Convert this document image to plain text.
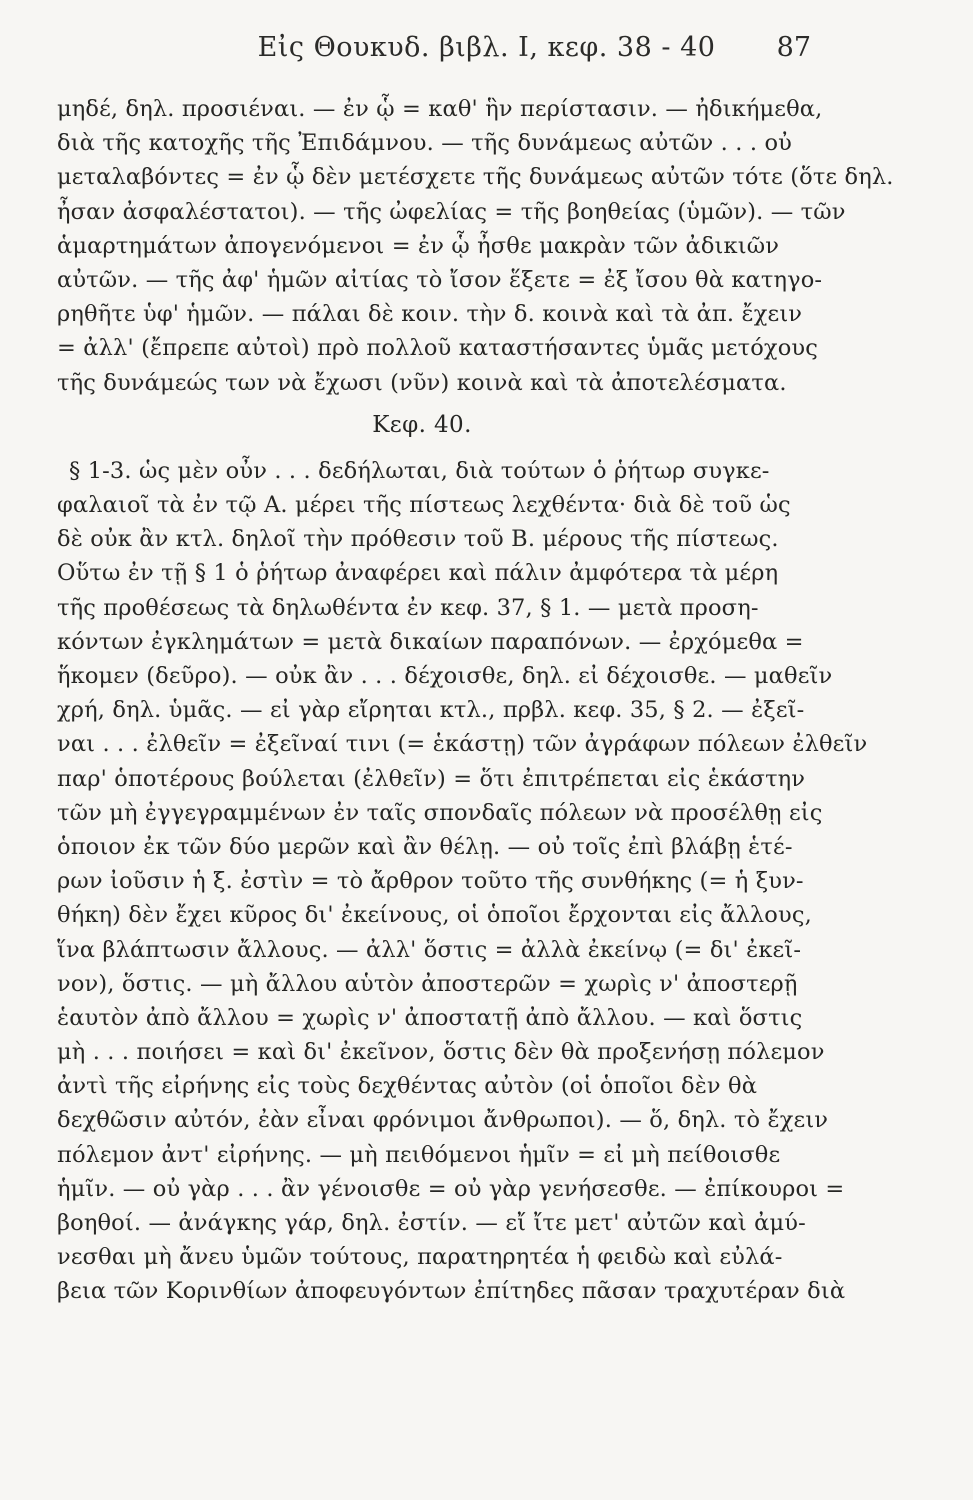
Εἰς Θουκυδ. βιβλ. Ι, κεφ. 38 - 40	87
μηδέ, δηλ. προσιέναι. — ἐν ᾧ = καθ' ἣν περίστασιν. — ἠδικήμεθα,
διὰ τῆς κατοχῆς τῆς Ἐπιδάμνου. — τῆς δυνάμεως αὐτῶν . . . οὐ
μεταλαβόντες = ἐν ᾧ δὲν μετέσχετε τῆς δυνάμεως αὐτῶν τότε (ὅτε δηλ.
ἦσαν ἀσφαλέστατοι). — τῆς ὠφελίας = τῆς βοηθείας (ὑμῶν). — τῶν
ἁμαρτημάτων ἀπογενόμενοι = ἐν ᾧ ἦσθε μακρὰν τῶν ἀδικιῶν
αὐτῶν. — τῆς ἀφ' ἡμῶν αἰτίας τὸ ἴσον ἕξετε = ἐξ ἴσου θὰ κατηγο-
ρηθῆτε ὑφ' ἡμῶν. — πάλαι δὲ κοιν. τὴν δ. κοινὰ καὶ τὰ ἀπ. ἔχειν
= ἀλλ' (ἔπρεπε αὐτοὶ) πρὸ πολλοῦ καταστήσαντες ὑμᾶς μετόχους
τῆς δυνάμεώς των νὰ ἔχωσι (νῦν) κοινὰ καὶ τὰ ἀποτελέσματα.
Κεφ. 40.
§ 1-3. ὡς μὲν οὖν . . . δεδήλωται, διὰ τούτων ὁ ῥήτωρ συγκε-
φαλαιοῖ τὰ ἐν τῷ Α. μέρει τῆς πίστεως λεχθέντα· διὰ δὲ τοῦ ὡς
δὲ οὐκ ἂν κτλ. δηλοῖ τὴν πρόθεσιν τοῦ Β. μέρους τῆς πίστεως.
Οὕτω ἐν τῇ § 1 ὁ ῥήτωρ ἀναφέρει καὶ πάλιν ἀμφότερα τὰ μέρη
τῆς προθέσεως τὰ δηλωθέντα ἐν κεφ. 37, § 1. — μετὰ προση-
κόντων ἐγκλημάτων = μετὰ δικαίων παραπόνων. — ἐρχόμεθα =
ἥκομεν (δεῦρο). — οὐκ ἂν . . . δέχοισθε, δηλ. εἰ δέχοισθε. — μαθεῖν
χρή, δηλ. ὑμᾶς. — εἰ γὰρ εἴρηται κτλ., πρβλ. κεφ. 35, § 2. — ἐξεῖ-
ναι . . . ἐλθεῖν = ἐξεῖναί τινι (= ἑκάστῃ) τῶν ἀγράφων πόλεων ἐλθεῖν
παρ' ὁποτέρους βούλεται (ἐλθεῖν) = ὅτι ἐπιτρέπεται εἰς ἑκάστην
τῶν μὴ ἐγγεγραμμένων ἐν ταῖς σπονδαῖς πόλεων νὰ προσέλθῃ εἰς
ὁποιον ἐκ τῶν δύο μερῶν καὶ ἂν θέλῃ. — οὐ τοῖς ἐπὶ βλάβῃ ἑτέ-
ρων ἰοῦσιν ἡ ξ. ἐστὶν = τὸ ἄρθρον τοῦτο τῆς συνθήκης (= ἡ ξυν-
θήκη) δὲν ἔχει κῦρος δι' ἐκείνους, οἱ ὁποῖοι ἔρχονται εἰς ἄλλους,
ἵνα βλάπτωσιν ἄλλους. — ἀλλ' ὅστις = ἀλλὰ ἐκείνῳ (= δι' ἐκεῖ-
νον), ὅστις. — μὴ ἄλλου αὑτὸν ἀποστερῶν = χωρὶς ν' ἀποστερῇ
ἑαυτὸν ἀπὸ ἄλλου = χωρὶς ν' ἀποστατῇ ἀπὸ ἄλλου. — καὶ ὅστις
μὴ . . . ποιήσει = καὶ δι' ἐκεῖνον, ὅστις δὲν θὰ προξενήσῃ πόλεμον
ἀντὶ τῆς εἰρήνης εἰς τοὺς δεχθέντας αὐτὸν (οἱ ὁποῖοι δὲν θὰ
δεχθῶσιν αὐτόν, ἐὰν εἶναι φρόνιμοι ἄνθρωποι). — ὅ, δηλ. τὸ ἔχειν
πόλεμον ἀντ' εἰρήνης. — μὴ πειθόμενοι ἡμῖν = εἰ μὴ πείθοισθε
ἡμῖν. — οὐ γὰρ . . . ἂν γένοισθε = οὐ γὰρ γενήσεσθε. — ἐπίκουροι =
βοηθοί. — ἀνάγκης γάρ, δηλ. ἐστίν. — εἴ ἴτε μετ' αὐτῶν καὶ ἀμύ-
νεσθαι μὴ ἄνευ ὑμῶν τούτους, παρατηρητέα ἡ φειδὼ καὶ εὐλά-
βεια τῶν Κορινθίων ἀποφευγόντων ἐπίτηδες πᾶσαν τραχυτέραν διὰ
